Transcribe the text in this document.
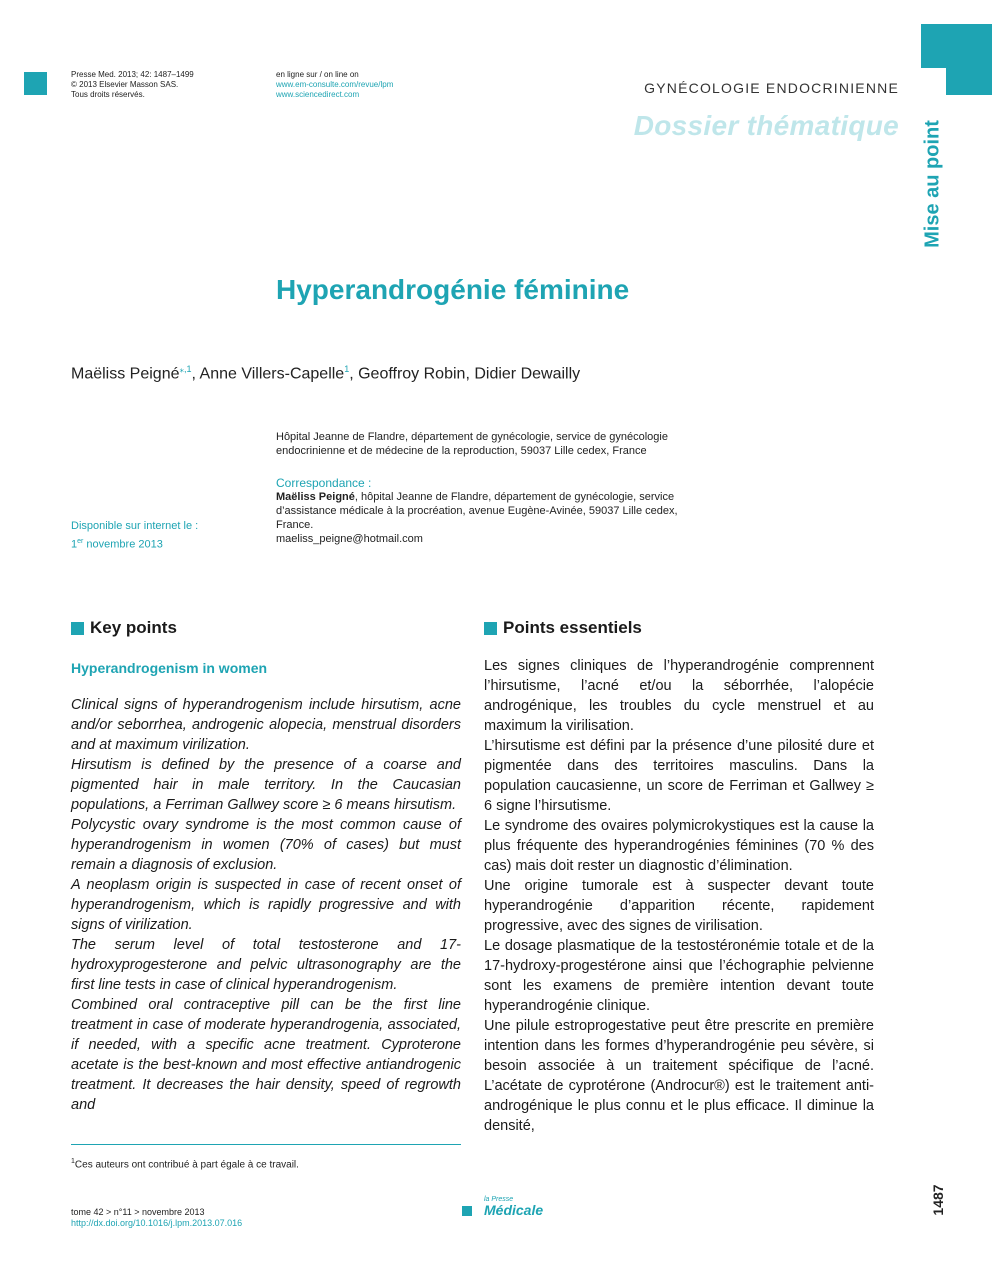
Presse Med. 2013; 42: 1487–1499
© 2013 Elsevier Masson SAS.
Tous droits réservés.
en ligne sur / on line on
www.em-consulte.com/revue/lpm
www.sciencedirect.com	GYNÉCOLOGIE ENDOCRINIENNE
Dossier thématique Mise au point
Hyperandrogénie féminine
Maëliss Peigné$^{⁎,1}$, Anne Villers-Capelle$^1$, Geoffroy Robin, Didier Dewailly
Hôpital Jeanne de Flandre, département de gynécologie, service de gynécologie endocrinienne et de médecine de la reproduction, 59037 Lille cedex, France
Correspondance :
Maëliss Peigné, hôpital Jeanne de Flandre, département de gynécologie, service d’assistance médicale à la procréation, avenue Eugène-Avinée, 59037 Lille cedex, France.
maeliss_peigne@hotmail.com
Disponible sur internet le :
1er novembre 2013
Key points	Points essentiels
Hyperandrogenism in women

Clinical signs of hyperandrogenism include hirsutism, acne and/or seborrhea, androgenic alopecia, menstrual disorders and at maximum virilization.

Hirsutism is defined by the presence of a coarse and pigmented hair in male territory. In the Caucasian populations, a Ferriman Gallwey score ≥ 6 means hirsutism.

Polycystic ovary syndrome is the most common cause of hyperandrogenism in women (70% of cases) but must remain a diagnosis of exclusion.

A neoplasm origin is suspected in case of recent onset of hyperandrogenism, which is rapidly progressive and with signs of virilization.

The serum level of total testosterone and 17-hydroxyprogesterone and pelvic ultrasonography are the first line tests in case of clinical hyperandrogenism.

Combined oral contraceptive pill can be the first line treatment in case of moderate hyperandrogenia, associated, if needed, with a specific acne treatment. Cyproterone acetate is the best-known and most effective antiandrogenic treatment. It decreases the hair density, speed of regrowth and

Les signes cliniques de l’hyperandrogénie comprennent l’hirsutisme, l’acné et/ou la séborrhée, l’alopécie androgénique, les troubles du cycle menstruel et au maximum la virilisation.

L’hirsutisme est défini par la présence d’une pilosité dure et pigmentée dans des territoires masculins. Dans la population caucasienne, un score de Ferriman et Gallwey ≥ 6 signe l’hirsutisme.

Le syndrome des ovaires polymicrokystiques est la cause la plus fréquente des hyperandrogénies féminines (70 % des cas) mais doit rester un diagnostic d’élimination.

Une origine tumorale est à suspecter devant toute hyperandrogénie d’apparition récente, rapidement progressive, avec des signes de virilisation.

Le dosage plasmatique de la testostéronémie totale et de la 17-hydroxy-progestérone ainsi que l’échographie pelvienne sont les examens de première intention devant toute hyperandrogénie clinique.

Une pilule estroprogestative peut être prescrite en première intention dans les formes d’hyperandrogénie peu sévère, si besoin associée à un traitement spécifique de l’acné. L’acétate de cyprotérone (Androcur®) est le traitement anti-androgénique le plus connu et le plus efficace. Il diminue la densité,

$^1$Ces auteurs ont contribué à part égale à ce travail.
tome 42 > n°11 > novembre 2013
http://dx.doi.org/10.1016/j.lpm.2013.07.016
la Presse
Médicale	1487
